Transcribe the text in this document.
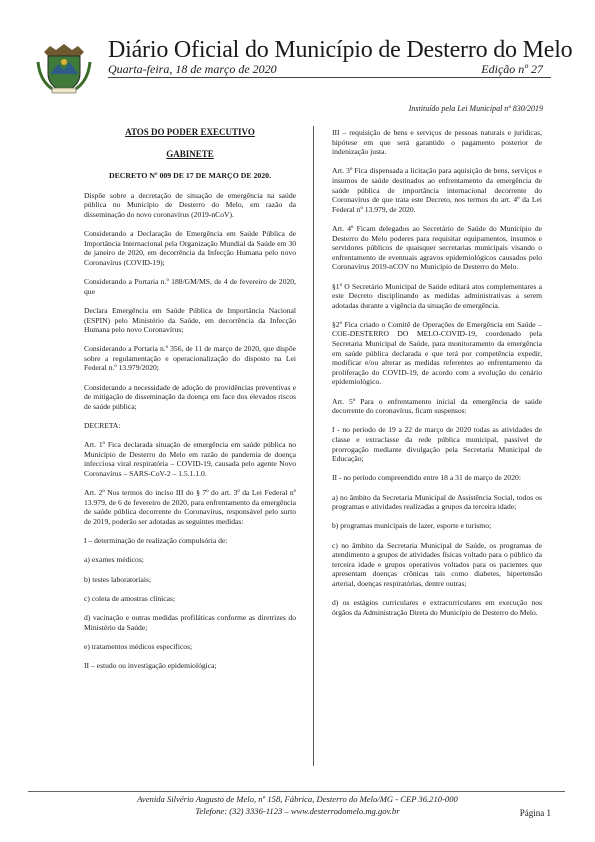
Diário Oficial do Município de Desterro do Melo
Quarta-feira, 18 de março de 2020	Edição nº 27
Instituído pela Lei Municipal nº 830/2019

ATOS DO PODER EXECUTIVO

GABINETE

DECRETO Nº 009 DE 17 DE MARÇO DE 2020.

Dispõe sobre a decretação de situação de emergência na saúde pública no Município de Desterro do Melo, em razão da disseminação do novo coronavírus (2019-nCoV).

Considerando a Declaração de Emergência em Saúde Pública de Importância Internacional pela Organização Mundial da Saúde em 30 de janeiro de 2020, em decorrência da Infecção Humana pelo novo Coronavírus (COVID-19);

Considerando a Portaria n.º 188/GM/MS, de 4 de fevereiro de 2020, que

Declara Emergência em Saúde Pública de Importância Nacional (ESPIN) pelo Ministério da Saúde, em decorrência da Infecção Humana pelo novo Coronavírus;

Considerando a Portaria n.º 356, de 11 de março de 2020, que dispõe sobre a regulamentação e operacionalização do disposto na Lei Federal n.º 13.979/2020;

Considerando a necessidade de adoção de providências preventivas e de mitigação de disseminação da doença em face dos elevados riscos de saúde pública;

DECRETA:

Art. 1º Fica declarada situação de emergência em saúde pública no Município de Desterro do Melo em razão de pandemia de doença infecciosa viral respiratória – COVID-19, causada pelo agente Novo Coronavírus – SARS-CoV-2 – 1.5.1.1.0.

Art. 2º Nos termos do inciso III do § 7º do art. 3º da Lei Federal nº 13.979, de 6 de fevereiro de 2020, para enfrentamento da emergência de saúde pública decorrente do Coronavírus, responsável pelo surto de 2019, poderão ser adotadas as seguintes medidas:

I – determinação de realização compulsória de:

a) exames médicos;

b) testes laboratoriais;

c) coleta de amostras clínicas;

d) vacinação e outras medidas profiláticas conforme as diretrizes do Ministério da Saúde;

e) tratamentos médicos específicos;

II – estudo ou investigação epidemiológica;

III – requisição de bens e serviços de pessoas naturais e jurídicas, hipótese em que será garantido o pagamento posterior de indenização justa.

Art. 3º Fica dispensada a licitação para aquisição de bens, serviços e insumos de saúde destinados ao enfrentamento da emergência de saúde pública de importância internacional decorrente do Coronavírus de que trata este Decreto, nos termos do art. 4º da Lei Federal nº 13.979, de 2020.

Art. 4º Ficam delegados ao Secretário de Saúde do Município de Desterro do Melo poderes para requisitar equipamentos, insumos e servidores públicos de quaisquer secretarias municipais visando o enfrentamento de eventuais agravos epidemiológicos causados pelo Coronavírus 2019-nCOV no Município de Desterro do Melo.

§1º O Secretário Municipal de Saúde editará atos complementares a este Decreto disciplinando as medidas administrativas a serem adotadas durante a vigência da situação de emergência.

§2º Fica criado o Comitê de Operações de Emergência em Saúde – COE-DESTERRO DO MELO-COVID-19, coordenado pela Secretaria Municipal de Saúde, para monitoramento da emergência em saúde pública declarada e que terá por competência expedir, modificar e/ou alterar as medidas referentes ao enfrentamento da proliferação do COVID-19, de acordo com a evolução do cenário epidemiológico.

Art. 5º Para o enfrentamento inicial da emergência de saúde decorrente do coronavírus, ficam suspensos:

I - no período de 19 a 22 de março de 2020 todas as atividades de classe e extraclasse da rede pública municipal, passível de prorrogação mediante divulgação pela Secretaria Municipal de Educação;

II - no período compreendido entre 18 a 31 de março de 2020:

a) no âmbito da Secretaria Municipal de Assistência Social, todos os programas e atividades realizadas a grupos da terceira idade;

b) programas municipais de lazer, esporte e turismo;

c) no âmbito da Secretaria Municipal de Saúde, os programas de atendimento a grupos de atividades físicas voltado para o público da terceira idade e grupos operativos voltados para os pacientes que apresentam doenças crônicas tais como diabetes, hipertensão arterial, doenças respiratórias, dentre outras;

d) os estágios curriculares e extracurriculares em execução nos órgãos da Administração Direta do Município de Desterro do Melo.

Avenida Silvério Augusto de Melo, nº 158, Fábrica, Desterro do Melo/MG - CEP 36.210-000
Telefone: (32) 3336-1123 – www.desterrodomelo.mg.gov.br	Página 1
